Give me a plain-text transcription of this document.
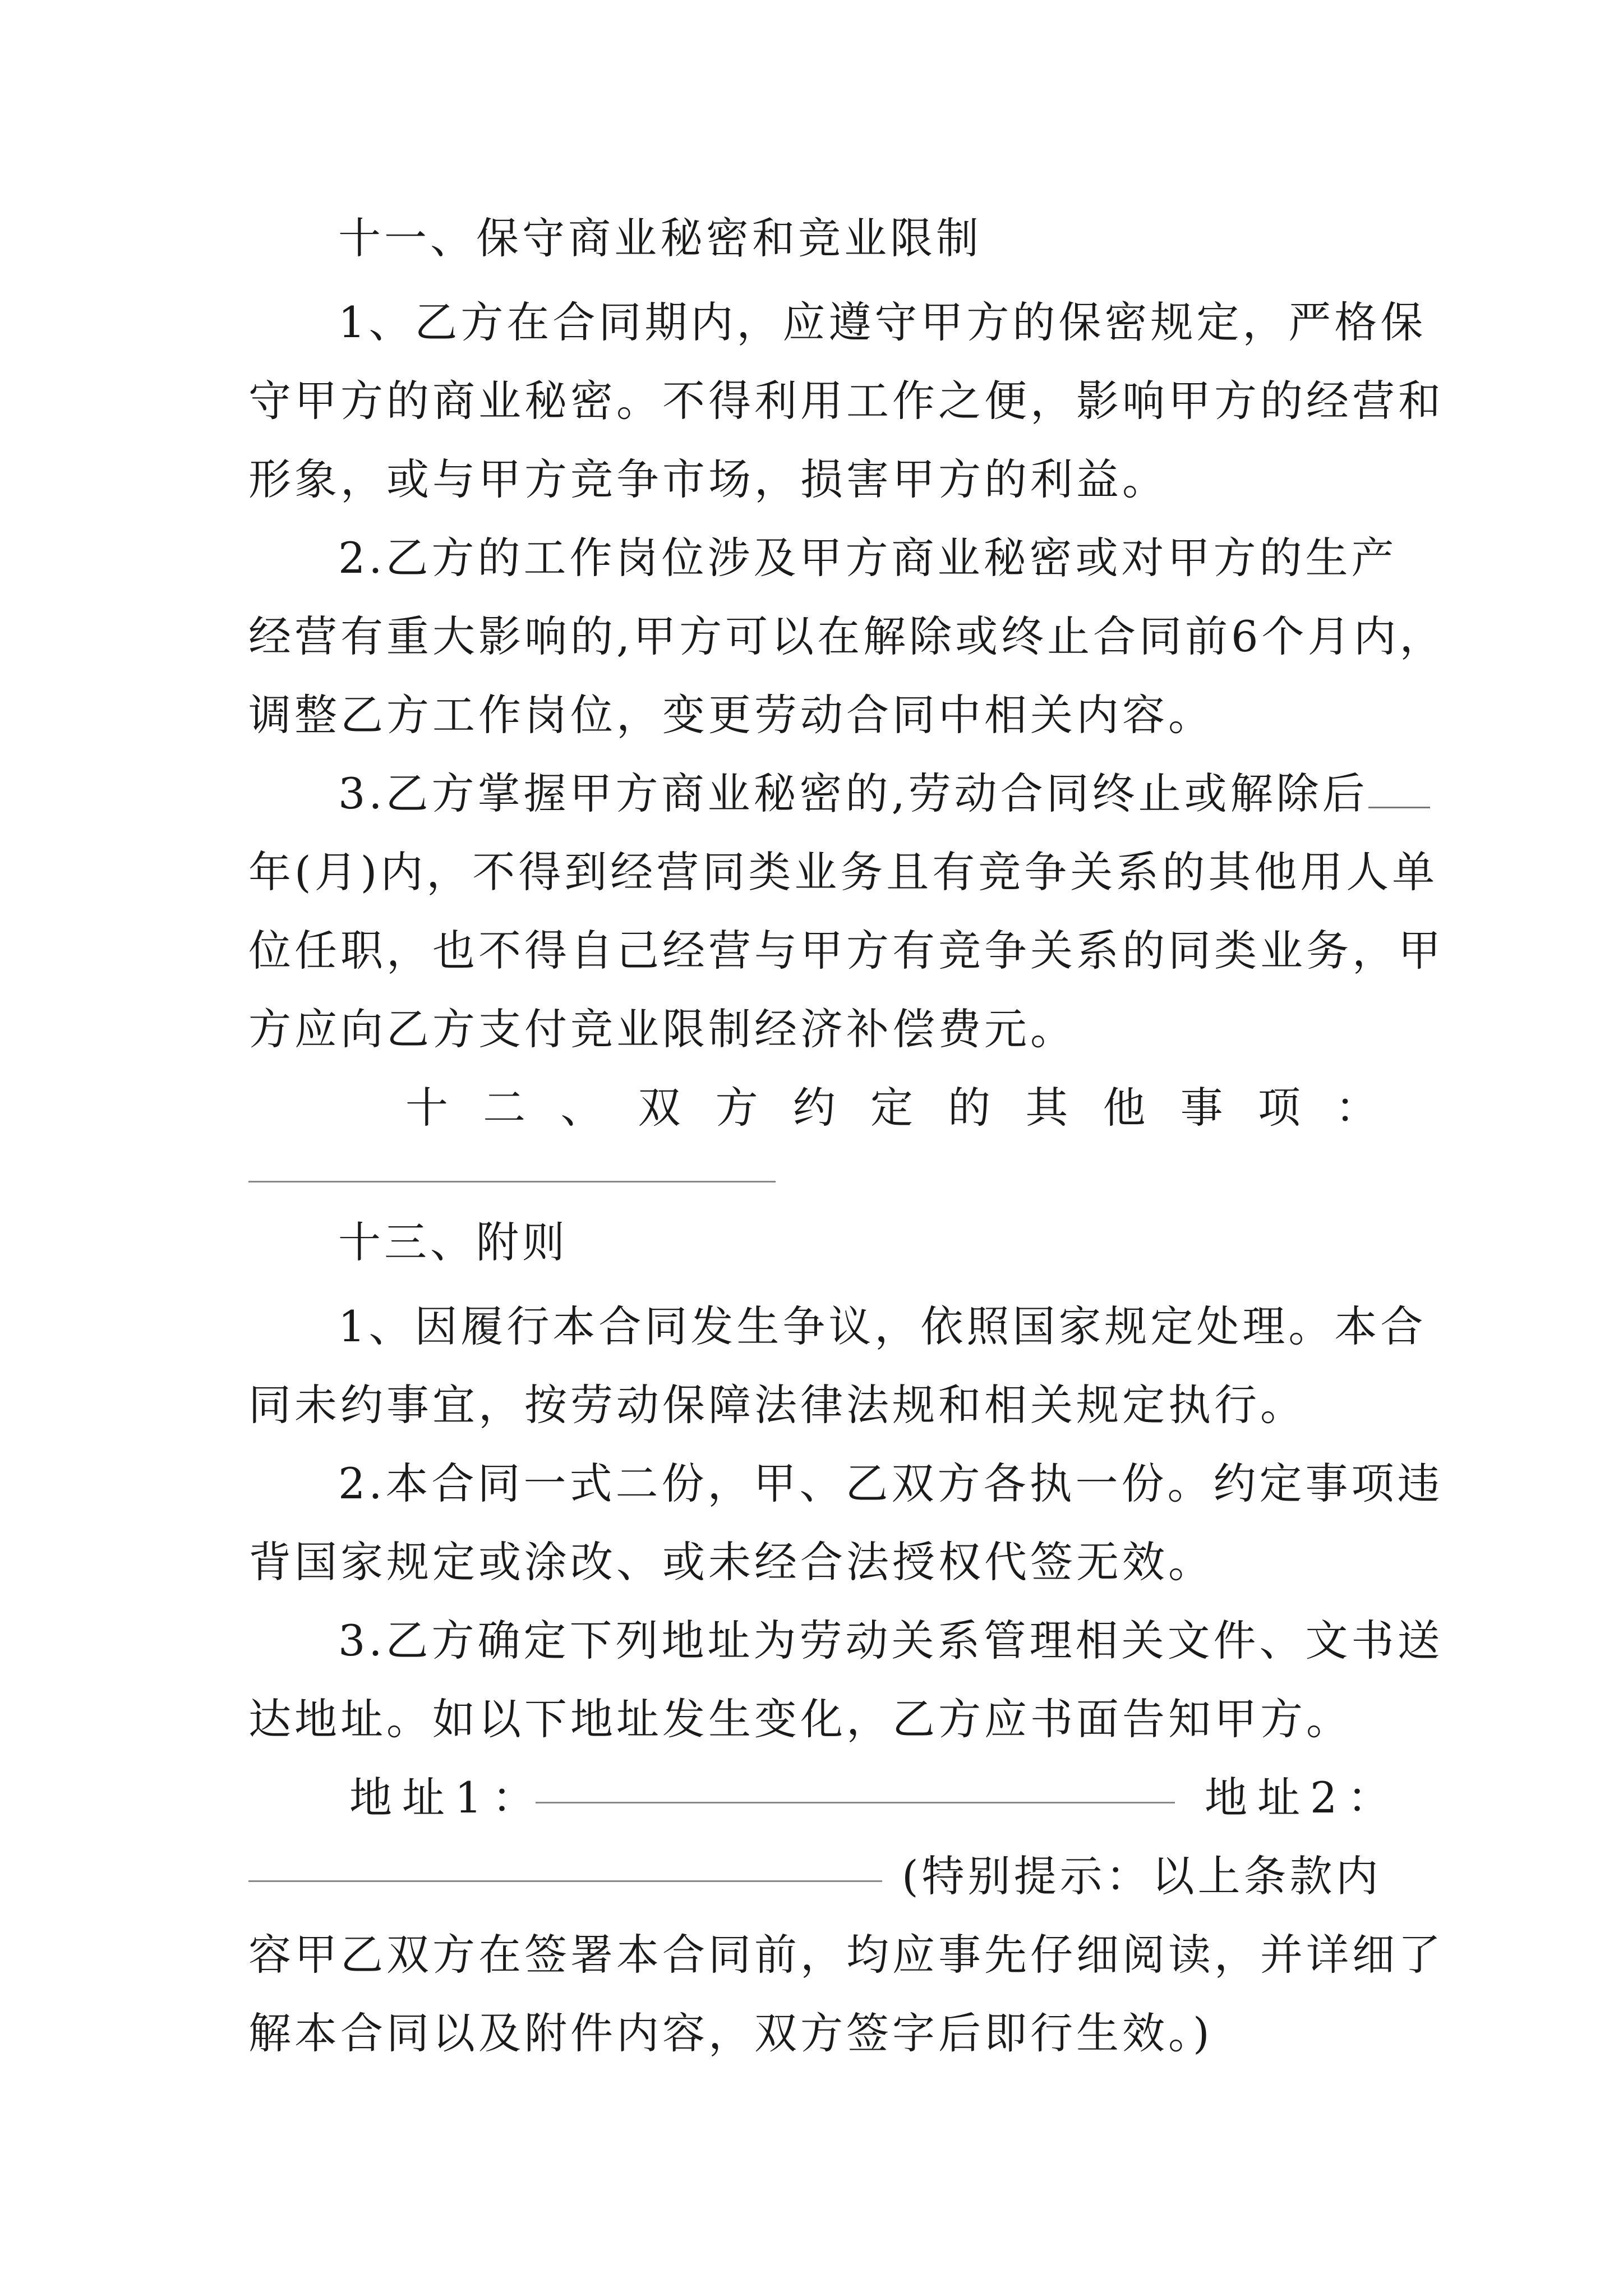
十一、保守商业秘密和竞业限制
1、乙方在合同期内，应遵守甲方的保密规定，严格保
守甲方的商业秘密。不得利用工作之便，影响甲方的经营和
形象，或与甲方竞争市场，损害甲方的利益。
2.乙方的工作岗位涉及甲方商业秘密或对甲方的生产
经营有重大影响的,甲方可以在解除或终止合同前6个月内，
调整乙方工作岗位，变更劳动合同中相关内容。
3.乙方掌握甲方商业秘密的,劳动合同终止或解除后
年(月)内，不得到经营同类业务且有竞争关系的其他用人单
位任职，也不得自己经营与甲方有竞争关系的同类业务，甲
方应向乙方支付竞业限制经济补偿费元。
十二、双方约定的其他事项：
十三、附则
1、因履行本合同发生争议，依照国家规定处理。本合
同未约事宜，按劳动保障法律法规和相关规定执行。
2.本合同一式二份，甲、乙双方各执一份。约定事项违
背国家规定或涂改、或未经合法授权代签无效。
3.乙方确定下列地址为劳动关系管理相关文件、文书送
达地址。如以下地址发生变化，乙方应书面告知甲方。
地址1：	地址2：
(特别提示：以上条款内
容甲乙双方在签署本合同前，均应事先仔细阅读，并详细了
解本合同以及附件内容，双方签字后即行生效。)
